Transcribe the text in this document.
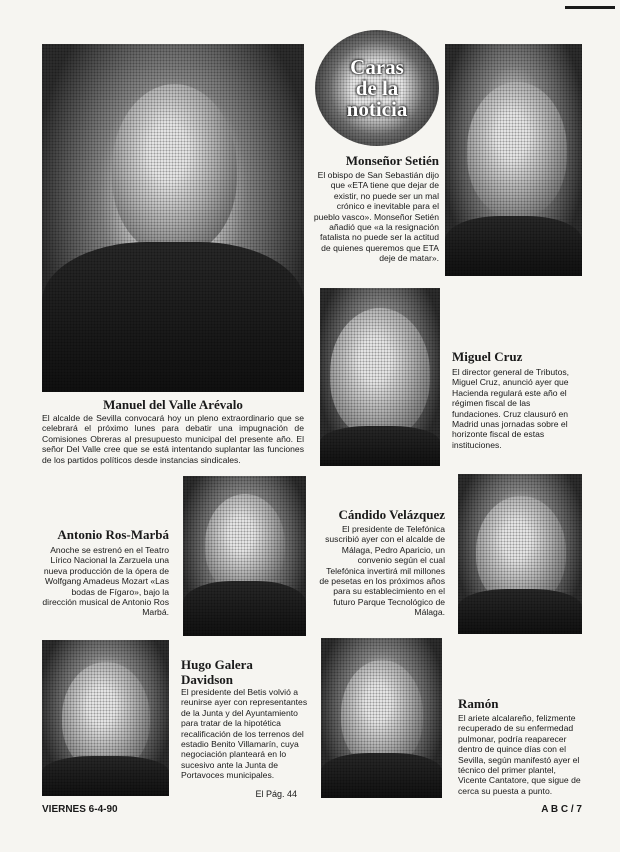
Manuel del Valle Arévalo

El alcalde de Sevilla convocará hoy un pleno extraordinario que se celebrará el próximo lunes para debatir una impugnación de Comisiones Obreras al presupuesto municipal del presente año. El señor Del Valle cree que se está intentando suplantar las funciones de los partidos políticos desde instancias sindicales.

Caras
de la
noticia

Monseñor Setién

El obispo de San Sebastián dijo que «ETA tiene que dejar de existir, no puede ser un mal crónico e inevitable para el pueblo vasco». Monseñor Setién añadió que «a la resignación fatalista no puede ser la actitud de quienes queremos que ETA deje de matar».

Miguel Cruz

El director general de Tributos, Miguel Cruz, anunció ayer que Hacienda regulará este año el régimen fiscal de las fundaciones. Cruz clausuró en Madrid unas jornadas sobre el horizonte fiscal de estas instituciones.

Antonio Ros-Marbá

Anoche se estrenó en el Teatro Lírico Nacional la Zarzuela una nueva producción de la ópera de Wolfgang Amadeus Mozart «Las bodas de Fígaro», bajo la dirección musical de Antonio Ros Marbá.

Cándido Velázquez

El presidente de Telefónica suscribió ayer con el alcalde de Málaga, Pedro Aparicio, un convenio según el cual Telefónica invertirá mil millones de pesetas en los próximos años para su establecimiento en el futuro Parque Tecnológico de Málaga.

Hugo Galera Davidson

El presidente del Betis volvió a reunirse ayer con representantes de la Junta y del Ayuntamiento para tratar de la hipotética recalificación de los terrenos del estadio Benito Villamarín, cuya negociación planteará en lo sucesivo ante la Junta de Portavoces municipales.

El Pág. 44

Ramón

El ariete alcalareño, felizmente recuperado de su enfermedad pulmonar, podría reaparecer dentro de quince días con el Sevilla, según manifestó ayer el técnico del primer plantel, Vicente Cantatore, que sigue de cerca su puesta a punto.

VIERNES 6-4-90	A B C / 7
